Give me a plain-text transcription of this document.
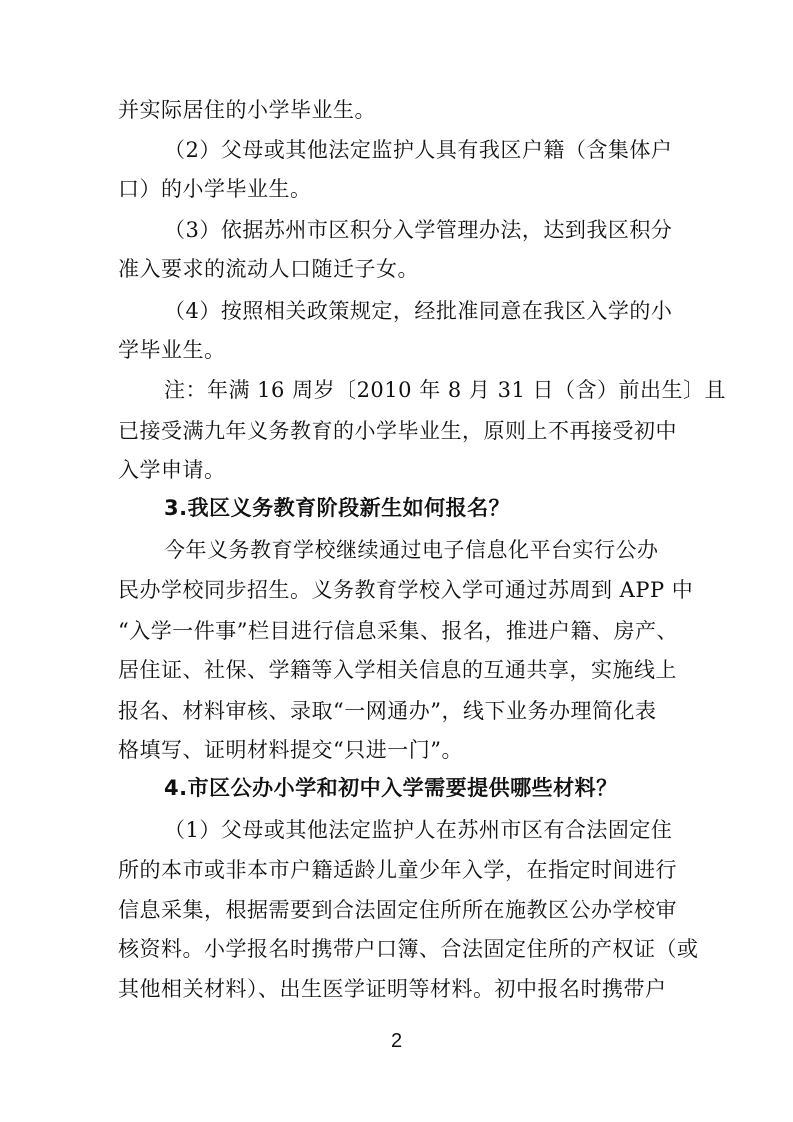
并实际居住的小学毕业生。
（2）父母或其他法定监护人具有我区户籍（含集体户
口）的小学毕业生。
（3）依据苏州市区积分入学管理办法，达到我区积分
准入要求的流动人口随迁子女。
（4）按照相关政策规定，经批准同意在我区入学的小
学毕业生。
注：年满 16 周岁〔2010 年 8 月 31 日（含）前出生〕且
已接受满九年义务教育的小学毕业生，原则上不再接受初中
入学申请。
3.我区义务教育阶段新生如何报名？
今年义务教育学校继续通过电子信息化平台实行公办
民办学校同步招生。义务教育学校入学可通过苏周到 APP 中
“入学一件事”栏目进行信息采集、报名，推进户籍、房产、
居住证、社保、学籍等入学相关信息的互通共享，实施线上
报名、材料审核、录取“一网通办”，线下业务办理简化表
格填写、证明材料提交“只进一门”。
4.市区公办小学和初中入学需要提供哪些材料？
（1）父母或其他法定监护人在苏州市区有合法固定住
所的本市或非本市户籍适龄儿童少年入学，在指定时间进行
2
信息采集，根据需要到合法固定住所所在施教区公办学校审
核资料。小学报名时携带户口簿、合法固定住所的产权证（或
其他相关材料）、出生医学证明等材料。初中报名时携带户
